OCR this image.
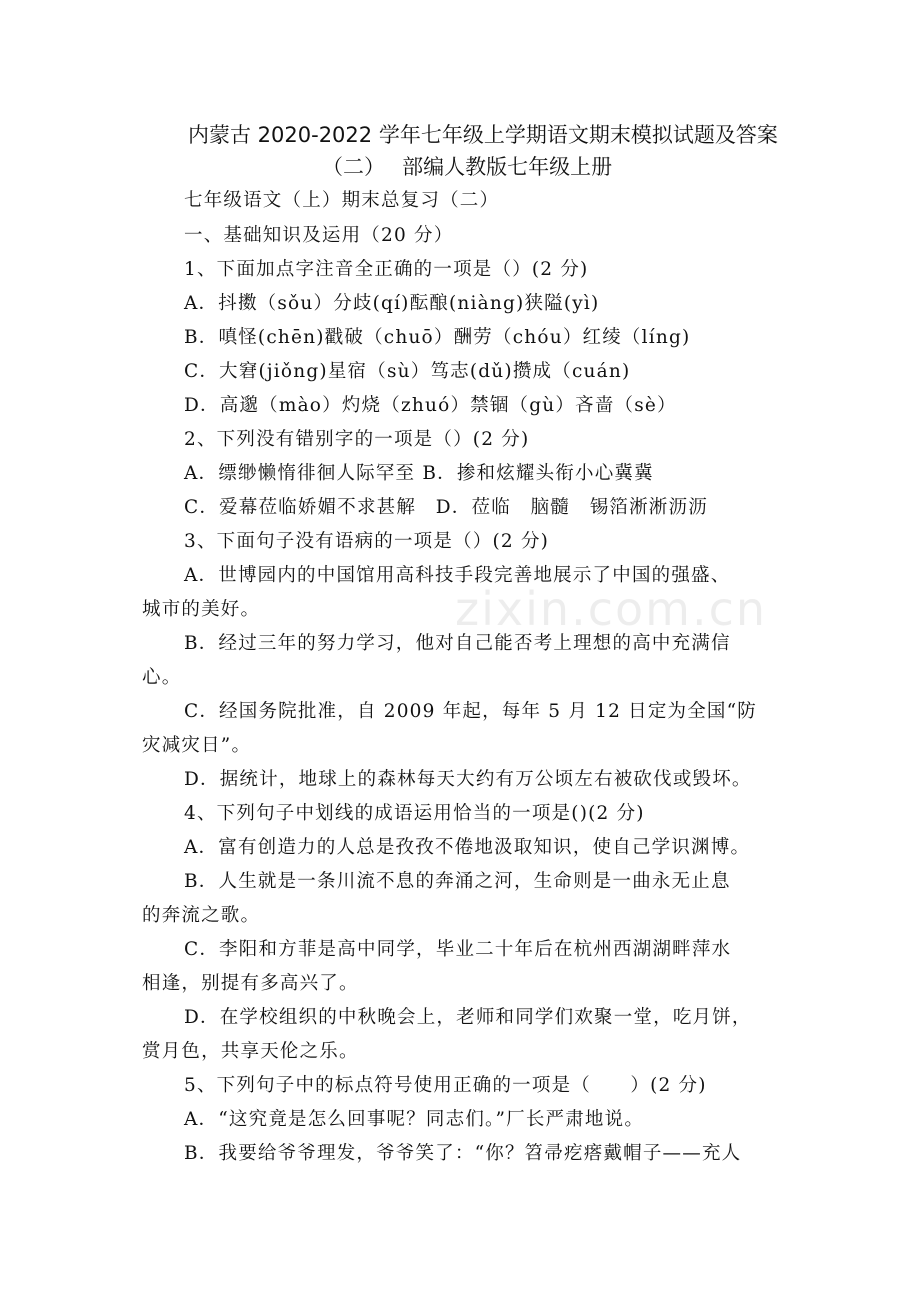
zixin.com.cn
内蒙古 2020-2022 学年七年级上学期语文期末模拟试题及答案
（二）　 部编人教版七年级上册
七年级语文（上）期末总复习（二）
一、基础知识及运用（20 分）
1、下面加点字注音全正确的一项是（）(2 分)
A．抖擞（sǒu）分歧(qí)酝酿(niàng)狭隘(yì)
B．嗔怪(chēn)戳破（chuō）酬劳（chóu）红绫（líng)
C．大窘(jiǒng)星宿（sù）笃志(dǔ)攒成（cuán)
D．高邈（mào）灼烧（zhuó）禁锢（gù）吝啬（sè）
2、下列没有错别字的一项是（）(2 分)
A．缥缈懒惰徘徊人际罕至 B．掺和炫耀头衔小心冀冀
C．爱幕莅临娇媚不求甚解　D．莅临　脑髓　锡箔淅淅沥沥
3、下面句子没有语病的一项是（）(2 分)
A．世博园内的中国馆用高科技手段完善地展示了中国的强盛、
城市的美好。
B．经过三年的努力学习，他对自己能否考上理想的高中充满信
心。
C．经国务院批准，自 2009 年起，每年 5 月 12 日定为全国“防
灾减灾日”。
D．据统计，地球上的森林每天大约有万公顷左右被砍伐或毁坏。
4、下列句子中划线的成语运用恰当的一项是()(2 分)
A．富有创造力的人总是孜孜不倦地汲取知识，使自己学识渊博。
B．人生就是一条川流不息的奔涌之河，生命则是一曲永无止息
的奔流之歌。
C．李阳和方菲是高中同学，毕业二十年后在杭州西湖湖畔萍水
相逢，别提有多高兴了。
D．在学校组织的中秋晚会上，老师和同学们欢聚一堂，吃月饼，
赏月色，共享天伦之乐。
5、下列句子中的标点符号使用正确的一项是（　　）(2 分)
A．“这究竟是怎么回事呢？同志们。”厂长严肃地说。
B．我要给爷爷理发，爷爷笑了：“你？笤帚疙瘩戴帽子——充人
